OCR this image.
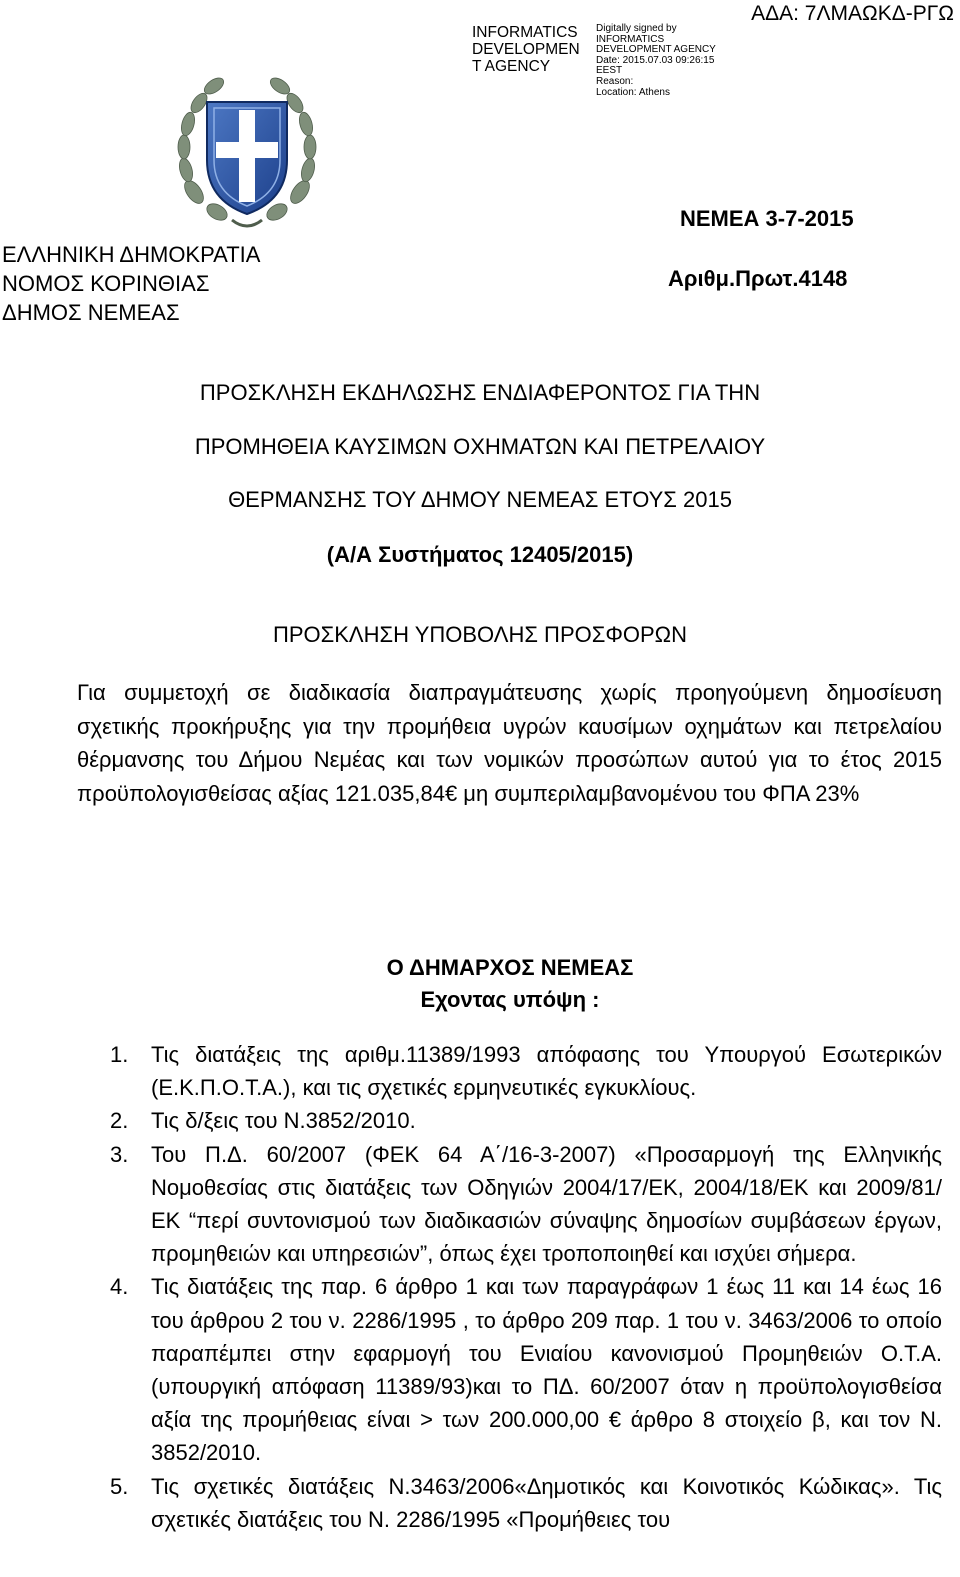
ΑΔΑ: 7ΛΜΑΩΚΔ-ΡΓΩ
INFORMATICS
DEVELOPMEN
T AGENCY
Digitally signed by
INFORMATICS
DEVELOPMENT AGENCY
Date: 2015.07.03 09:26:15
EEST
Reason:
Location: Athens
ΕΛΛΗΝΙΚΗ ΔΗΜΟΚΡΑΤΙΑ
ΝΟΜΟΣ ΚΟΡΙΝΘΙΑΣ
ΔΗΜΟΣ ΝΕΜΕΑΣ
ΝΕΜΕΑ 3-7-2015
Αριθμ.Πρωτ.4148
ΠΡΟΣΚΛΗΣΗ ΕΚΔΗΛΩΣΗΣ ΕΝΔΙΑΦΕΡΟΝΤΟΣ ΓΙΑ ΤΗΝ
ΠΡΟΜΗΘΕΙΑ ΚΑΥΣΙΜΩΝ ΟΧΗΜΑΤΩΝ ΚΑΙ ΠΕΤΡΕΛΑΙΟΥ
ΘΕΡΜΑΝΣΗΣ ΤΟΥ ΔΗΜΟΥ ΝΕΜΕΑΣ ΕΤΟΥΣ 2015
(Α/Α Συστήματος 12405/2015)
ΠΡΟΣΚΛΗΣΗ ΥΠΟΒΟΛΗΣ ΠΡΟΣΦΟΡΩΝ
Για συμμετοχή σε διαδικασία διαπραγμάτευσης χωρίς προηγούμενη δημοσίευση σχετικής προκήρυξης για την προμήθεια υγρών καυσίμων οχημάτων και πετρελαίου θέρμανσης του Δήμου Νεμέας και των νομικών προσώπων αυτού για το έτος 2015 προϋπολογισθείσας αξίας 121.035,84€ μη συμπεριλαμβανομένου του ΦΠΑ 23%
Ο ΔΗΜΑΡΧΟΣ ΝΕΜΕΑΣ
Εχοντας υπόψη :
1.	Τις διατάξεις της αριθμ.11389/1993 απόφασης του Υπουργού Εσωτερικών (Ε.Κ.Π.Ο.Τ.Α.), και τις σχετικές ερμηνευτικές εγκυκλίους.
2.	Τις δ/ξεις του Ν.3852/2010.
3.	Του Π.Δ. 60/2007 (ΦΕΚ 64 Α΄/16-3-2007) «Προσαρμογή της Ελληνικής Νομοθεσίας στις διατάξεις των Οδηγιών 2004/17/ΕΚ, 2004/18/ΕΚ και 2009/81/ΕΚ “περί συντονισμού των διαδικασιών σύναψης δημοσίων συμβάσεων έργων, προμηθειών και υπηρεσιών”, όπως έχει τροποποιηθεί και ισχύει σήμερα.
4.	Τις διατάξεις της παρ. 6 άρθρο 1 και των παραγράφων 1 έως 11 και 14 έως 16 του άρθρου 2 του ν. 2286/1995 , το άρθρο 209 παρ. 1 του ν. 3463/2006 το οποίο παραπέμπει στην εφαρμογή του Ενιαίου κανονισμού Προμηθειών Ο.Τ.Α. (υπουργική απόφαση 11389/93)και το ΠΔ. 60/2007 όταν η προϋπολογισθείσα αξία της προμήθειας είναι > των 200.000,00 € άρθρο 8 στοιχείο β, και τον Ν. 3852/2010.
5.	Τις σχετικές διατάξεις Ν.3463/2006«Δημοτικός και Κοινοτικός Κώδικας». Τις σχετικές διατάξεις του Ν. 2286/1995 «Προμήθειες του
